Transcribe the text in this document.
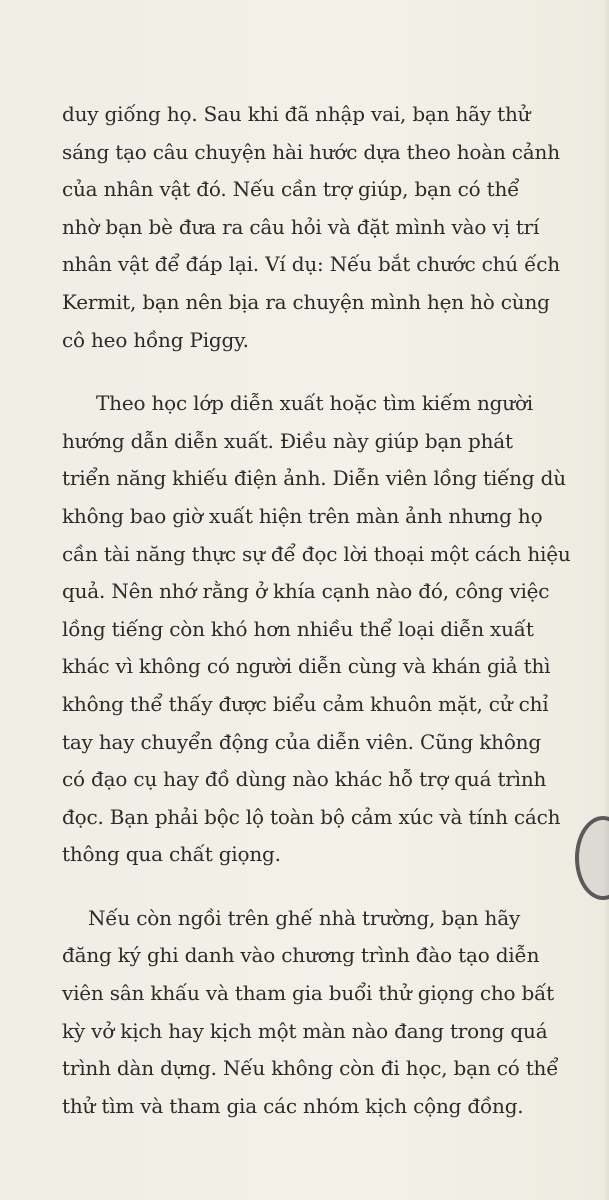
duy giống họ. Sau khi đã nhập vai, bạn hãy thử
sáng tạo câu chuyện hài hước dựa theo hoàn cảnh
của nhân vật đó. Nếu cần trợ giúp, bạn có thể
nhờ bạn bè đưa ra câu hỏi và đặt mình vào vị trí
nhân vật để đáp lại. Ví dụ: Nếu bắt chước chú ếch
Kermit, bạn nên bịa ra chuyện mình hẹn hò cùng
cô heo hồng Piggy.

Theo học lớp diễn xuất hoặc tìm kiếm người
hướng dẫn diễn xuất. Điều này giúp bạn phát
triển năng khiếu điện ảnh. Diễn viên lồng tiếng dù
không bao giờ xuất hiện trên màn ảnh nhưng họ
cần tài năng thực sự để đọc lời thoại một cách hiệu
quả. Nên nhớ rằng ở khía cạnh nào đó, công việc
lồng tiếng còn khó hơn nhiều thể loại diễn xuất
khác vì không có người diễn cùng và khán giả thì
không thể thấy được biểu cảm khuôn mặt, cử chỉ
tay hay chuyển động của diễn viên. Cũng không
có đạo cụ hay đồ dùng nào khác hỗ trợ quá trình
đọc. Bạn phải bộc lộ toàn bộ cảm xúc và tính cách
thông qua chất giọng.

Nếu còn ngồi trên ghế nhà trường, bạn hãy
đăng ký ghi danh vào chương trình đào tạo diễn
viên sân khấu và tham gia buổi thử giọng cho bất
kỳ vở kịch hay kịch một màn nào đang trong quá
trình dàn dựng. Nếu không còn đi học, bạn có thể
thử tìm và tham gia các nhóm kịch cộng đồng.
